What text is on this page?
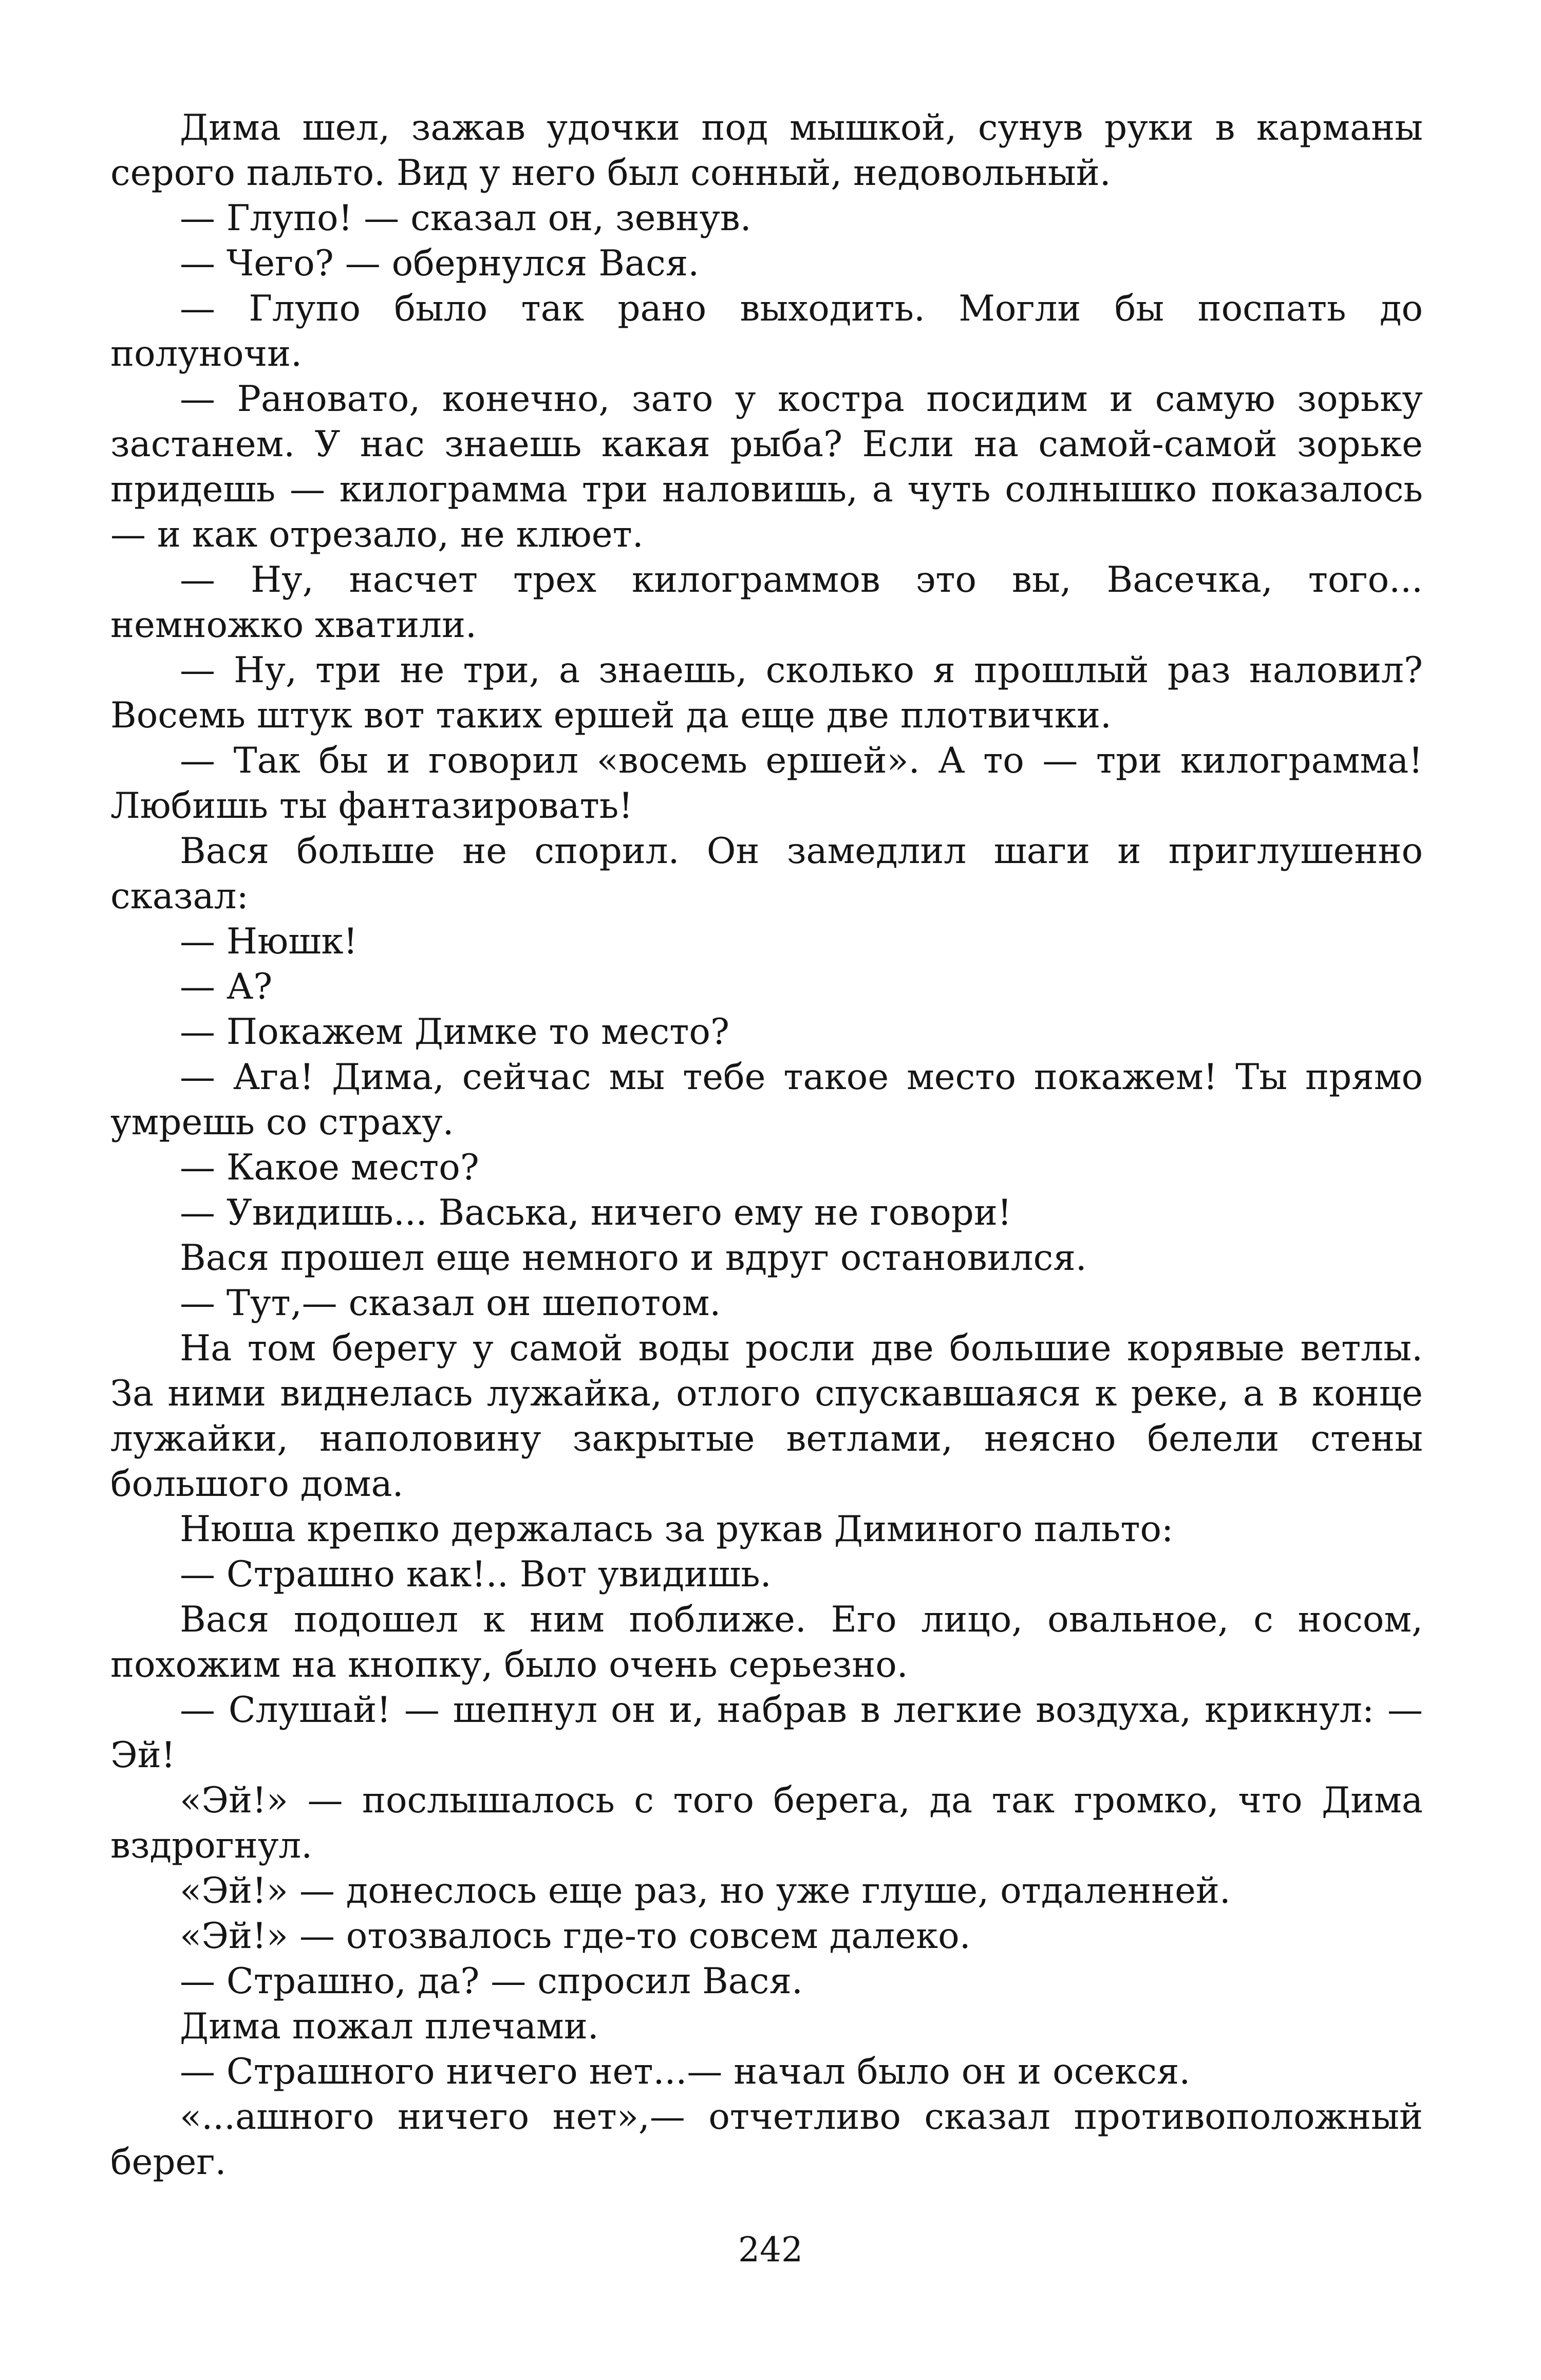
Дима шел, зажав удочки под мышкой, сунув руки в карманы серого пальто. Вид у него был сонный, недовольный.

— Глупо! — сказал он, зевнув.

— Чего? — обернулся Вася.

— Глупо было так рано выходить. Могли бы поспать до полуночи.

— Рановато, конечно, зато у костра посидим и самую зорьку застанем. У нас знаешь какая рыба? Если на самой-самой зорьке придешь — килограмма три наловишь, а чуть солнышко показалось — и как отрезало, не клюет.

— Ну, насчет трех килограммов это вы, Васечка, того... немножко хватили.

— Ну, три не три, а знаешь, сколько я прошлый раз наловил? Восемь штук вот таких ершей да еще две плотвички.

— Так бы и говорил «восемь ершей». А то — три килограмма! Любишь ты фантазировать!

Вася больше не спорил. Он замедлил шаги и приглушенно сказал:

— Нюшк!

— А?

— Покажем Димке то место?

— Ага! Дима, сейчас мы тебе такое место покажем! Ты прямо умрешь со страху.

— Какое место?

— Увидишь... Васька, ничего ему не говори!

Вася прошел еще немного и вдруг остановился.

— Тут,— сказал он шепотом.

На том берегу у самой воды росли две большие корявые ветлы. За ними виднелась лужайка, отлого спускавшаяся к реке, а в конце лужайки, наполовину закрытые ветлами, неясно белели стены большого дома.

Нюша крепко держалась за рукав Диминого пальто:

— Страшно как!.. Вот увидишь.

Вася подошел к ним поближе. Его лицо, овальное, с носом, похожим на кнопку, было очень серьезно.

— Слушай! — шепнул он и, набрав в легкие воздуха, крикнул: — Эй!

«Эй!» — послышалось с того берега, да так громко, что Дима вздрогнул.

«Эй!» — донеслось еще раз, но уже глуше, отдаленней.

«Эй!» — отозвалось где-то совсем далеко.

— Страшно, да? — спросил Вася.

Дима пожал плечами.

— Страшного ничего нет...— начал было он и осекся.

«...ашного ничего нет»,— отчетливо сказал противоположный берег.

242
